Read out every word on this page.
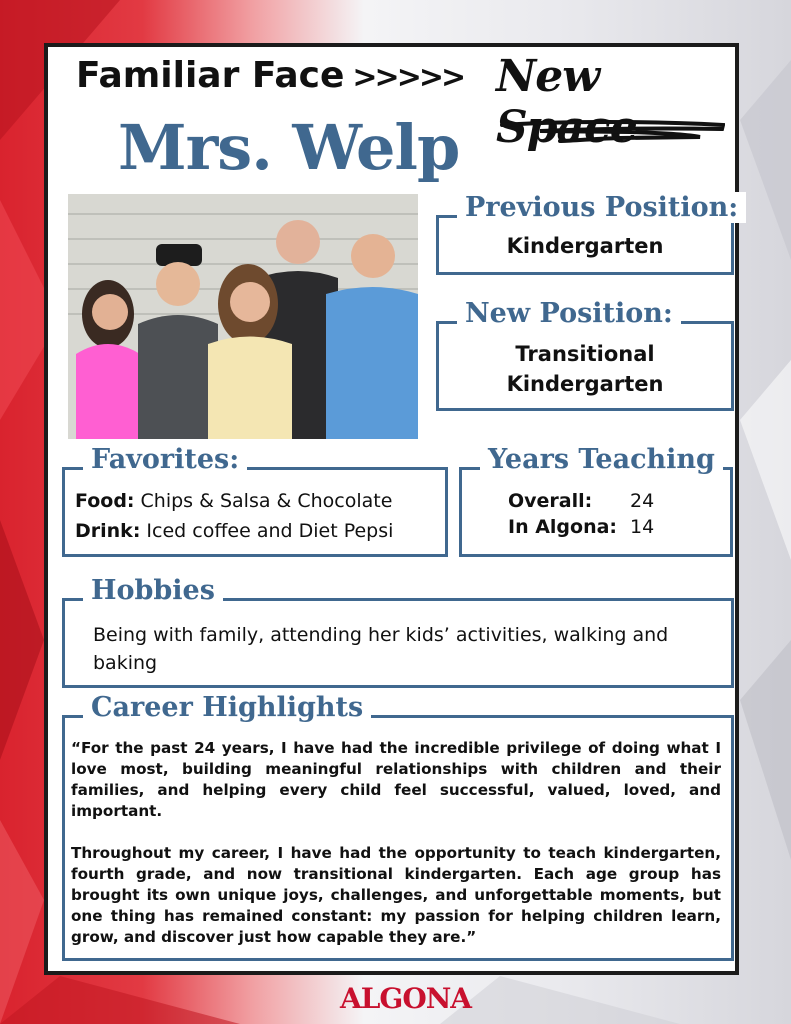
Familiar Face >>>>> New Space
Mrs. Welp
Previous Position:
Kindergarten
New Position:
Transitional
Kindergarten
Favorites:
Food: Chips & Salsa & Chocolate
Drink: Iced coffee and Diet Pepsi
Years Teaching
Overall: 24
In Algona: 14
Hobbies
Being with family, attending her kids’ activities, walking and baking
Career Highlights

“For the past 24 years, I have had the incredible privilege of doing what I love most, building meaningful relationships with children and their families, and helping every child feel successful, valued, loved, and important.

Throughout my career, I have had the opportunity to teach kindergarten, fourth grade, and now transitional kindergarten. Each age group has brought its own unique joys, challenges, and unforgettable moments, but one thing has remained constant: my passion for helping children learn, grow, and discover just how capable they are.”

ALGONA
